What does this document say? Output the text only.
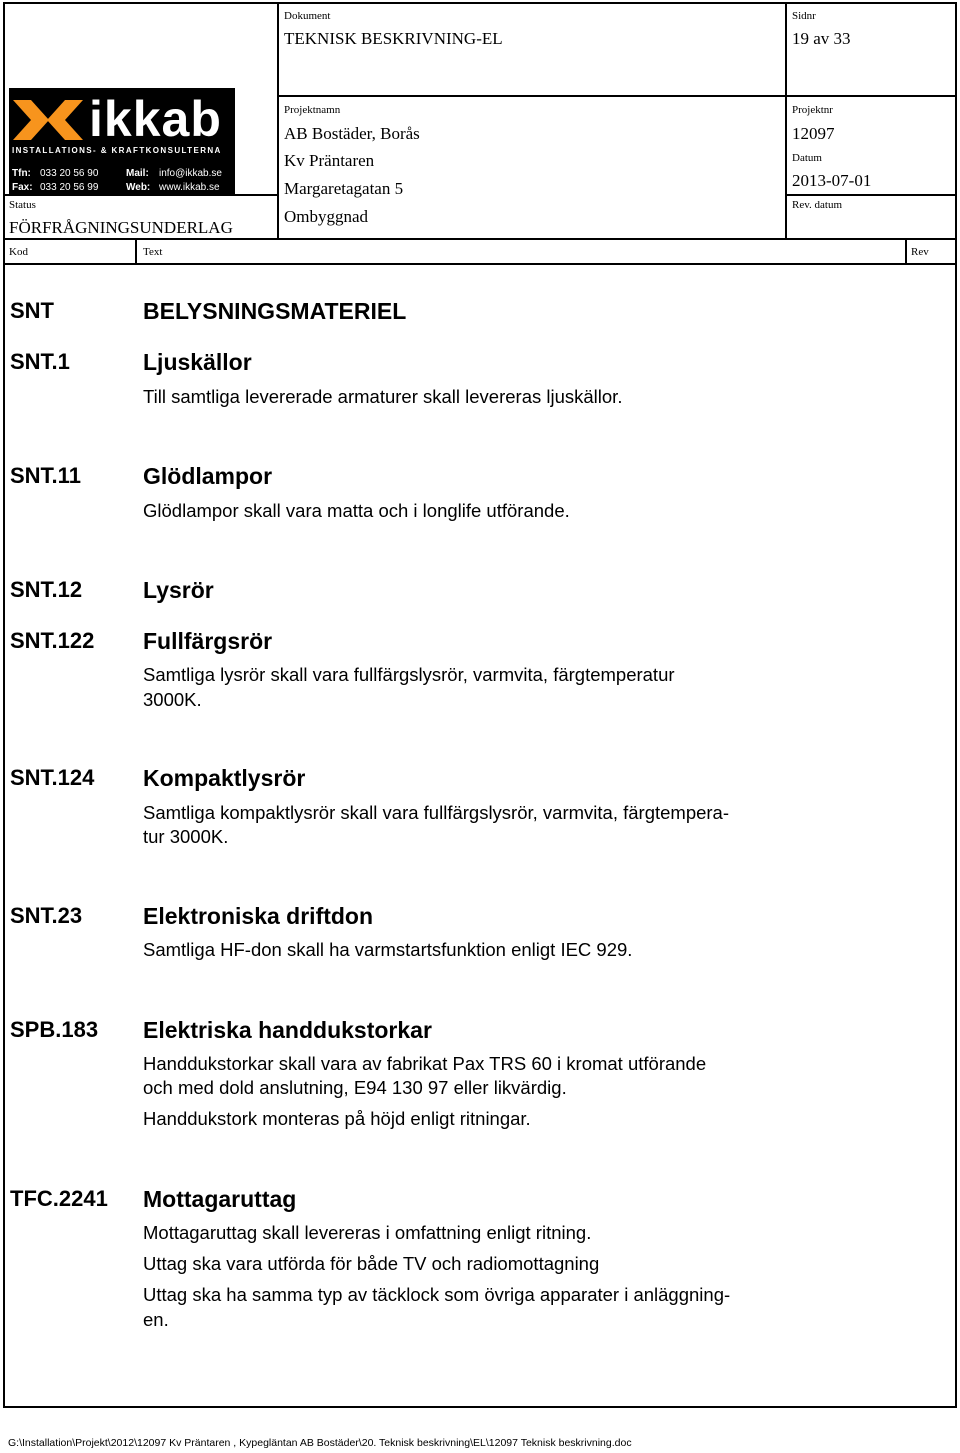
Dokument
TEKNISK BESKRIVNING-EL
Sidnr
19 av 33
Projektnamn
AB Bostäder, Borås
Kv Präntaren
Margaretagatan 5
Ombyggnad
Projektnr
12097
Datum
2013-07-01
Rev. datum
Status
FÖRFRÅGNINGSUNDERLAG
Kod	Text	Rev
ikkab
INSTALLATIONS- & KRAFTKONSULTERNA
Tfn: 033 20 56 90	Mail: info@ikkab.se
Fax: 033 20 56 99	Web: www.ikkab.se
SNT	BELYSNINGSMATERIEL
SNT.1	Ljuskällor
Till samtliga levererade armaturer skall levereras ljuskällor.
SNT.11	Glödlampor
Glödlampor skall vara matta och i longlife utförande.
SNT.12	Lysrör
SNT.122 Fullfärgsrör
Samtliga lysrör skall vara fullfärgslysrör, varmvita, färgtemperatur
3000K.
SNT.124 Kompaktlysrör
Samtliga kompaktlysrör skall vara fullfärgslysrör, varmvita, färgtempera-
tur 3000K.
SNT.23	Elektroniska driftdon
Samtliga HF-don skall ha varmstartsfunktion enligt IEC 929.
SPB.183 Elektriska handdukstorkar
Handdukstorkar skall vara av fabrikat Pax TRS 60 i kromat utförande
och med dold anslutning, E94 130 97 eller likvärdig.
Handdukstork monteras på höjd enligt ritningar.
TFC.2241 Mottagaruttag
Mottagaruttag skall levereras i omfattning enligt ritning.
Uttag ska vara utförda för både TV och radiomottagning
Uttag ska ha samma typ av täcklock som övriga apparater i anläggning-
en.
G:\Installation\Projekt\2012\12097 Kv Präntaren , Kypegläntan AB Bostäder\20. Teknisk beskrivning\EL\12097 Teknisk beskrivning.doc
